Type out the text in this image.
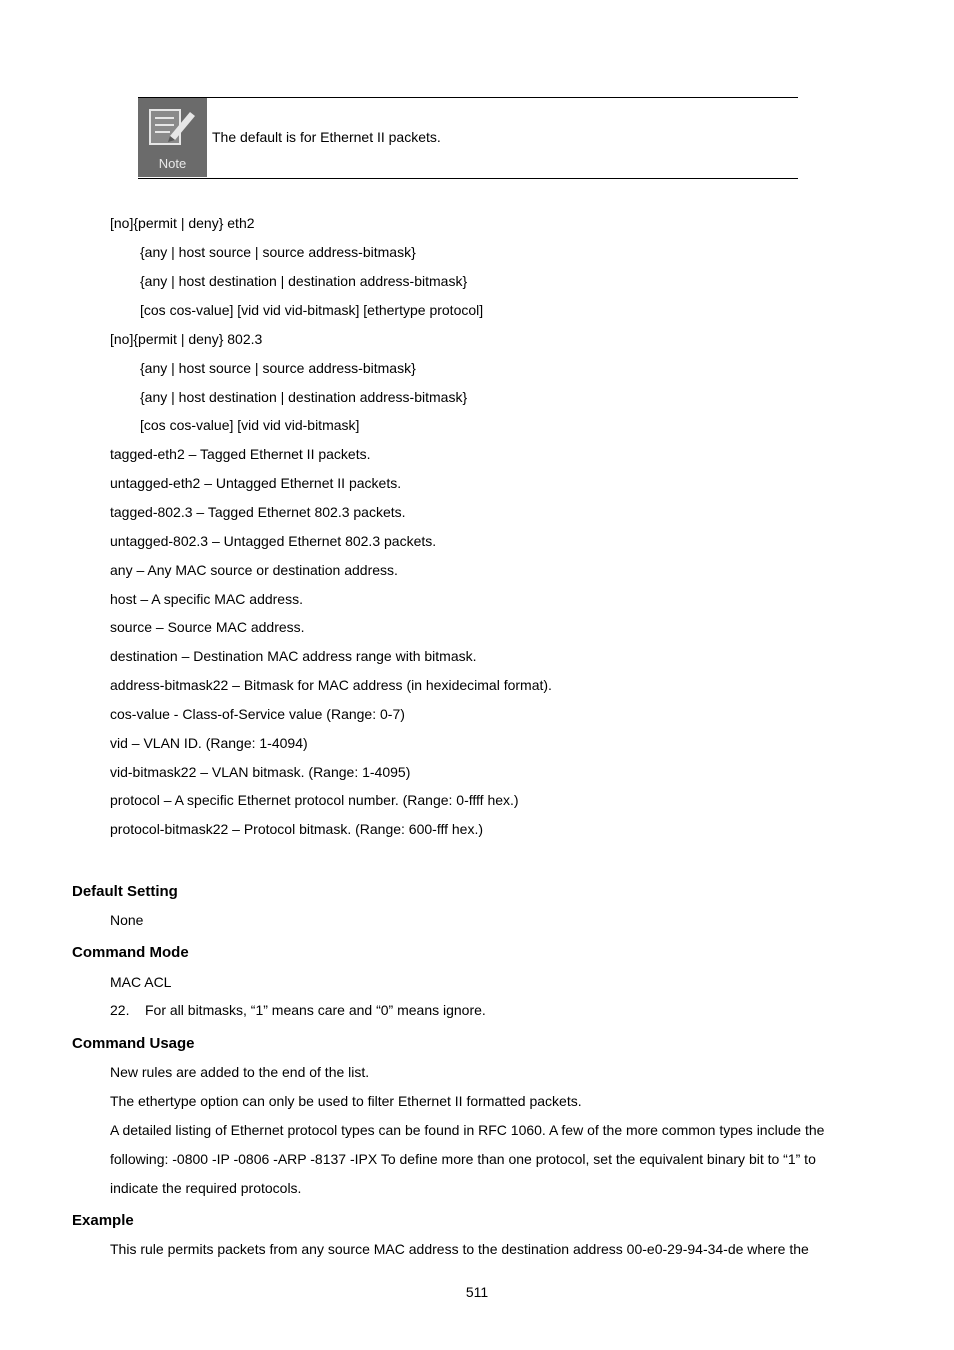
Note
The default is for Ethernet II packets.
[no]{permit | deny} eth2
{any | host source | source address-bitmask}
{any | host destination | destination address-bitmask}
[cos cos-value] [vid vid vid-bitmask] [ethertype protocol]
[no]{permit | deny} 802.3
{any | host source | source address-bitmask}
{any | host destination | destination address-bitmask}
[cos cos-value] [vid vid vid-bitmask]
tagged-eth2 – Tagged Ethernet II packets.
untagged-eth2 – Untagged Ethernet II packets.
tagged-802.3 – Tagged Ethernet 802.3 packets.
untagged-802.3 – Untagged Ethernet 802.3 packets.
any – Any MAC source or destination address.
host – A specific MAC address.
source – Source MAC address.
destination – Destination MAC address range with bitmask.
address-bitmask22 – Bitmask for MAC address (in hexidecimal format).
cos-value - Class-of-Service value (Range: 0-7)
vid – VLAN ID. (Range: 1-4094)
vid-bitmask22 – VLAN bitmask. (Range: 1-4095)
protocol – A specific Ethernet protocol number. (Range: 0-ffff hex.)
protocol-bitmask22 – Protocol bitmask. (Range: 600-fff hex.)
Default Setting
None
Command Mode
MAC ACL
22. For all bitmasks, “1” means care and “0” means ignore.
Command Usage
New rules are added to the end of the list.
The ethertype option can only be used to filter Ethernet II formatted packets.
A detailed listing of Ethernet protocol types can be found in RFC 1060. A few of the more common types include the
following: -0800 -IP -0806 -ARP -8137 -IPX To define more than one protocol, set the equivalent binary bit to “1” to
indicate the required protocols.
Example
This rule permits packets from any source MAC address to the destination address 00-e0-29-94-34-de where the
511
